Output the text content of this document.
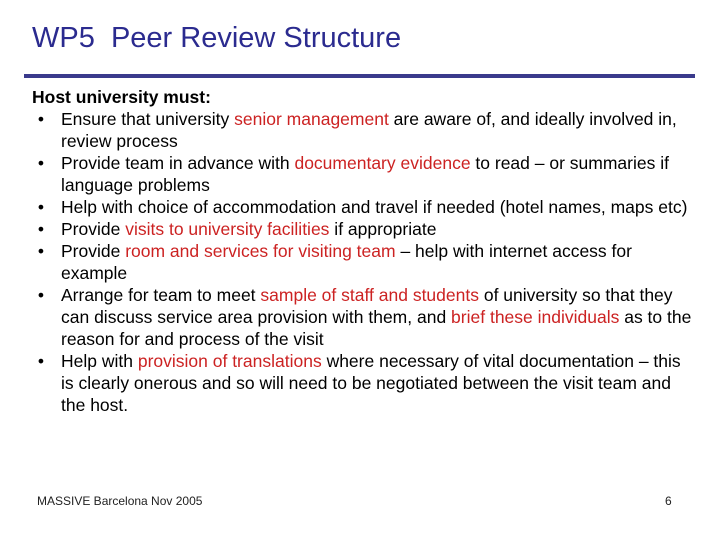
WP5  Peer Review Structure
Host university must:
• Ensure that university senior management are aware of, and ideally involved in, review process
• Provide team in advance with documentary evidence to read – or summaries if language problems
• Help with choice of accommodation and travel if needed (hotel names, maps etc)
• Provide visits to university facilities if appropriate
• Provide room and services for visiting team – help with internet access for example
• Arrange for team to meet sample of staff and students of university so that they can discuss service area provision with them, and brief these individuals as to the reason for and process of the visit
• Help with provision of translations where necessary of vital documentation – this is clearly onerous and so will need to be negotiated between the visit team and the host.
MASSIVE Barcelona Nov 2005	6
